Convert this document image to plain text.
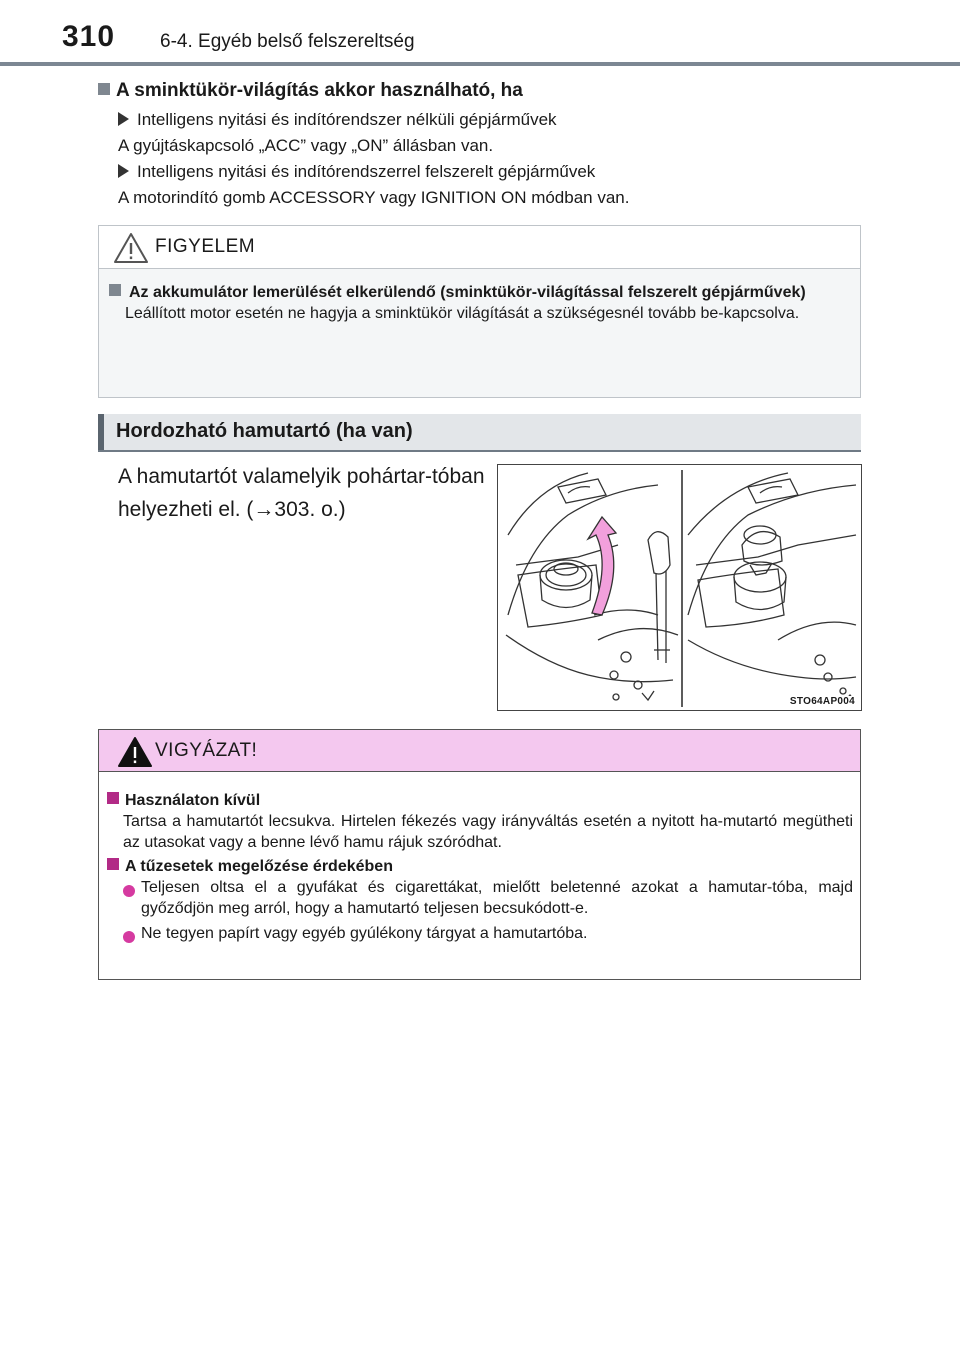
310 6-4. Egyéb belső felszereltség
A sminktükör-világítás akkor használható, ha
Intelligens nyitási és indítórendszer nélküli gépjárművek
A gyújtáskapcsoló „ACC” vagy „ON” állásban van.
Intelligens nyitási és indítórendszerrel felszerelt gépjárművek
A motorindító gomb ACCESSORY vagy IGNITION ON módban van.
FIGYELEM
Az akkumulátor lemerülését elkerülendő (sminktükör-világítással felszerelt gépjárművek)
Leállított motor esetén ne hagyja a sminktükör világítását a szükségesnél tovább be-kapcsolva.
Hordozható hamutartó (ha van)
A hamutartót valamelyik pohártar-tóban helyezheti el. (→303. o.)
STO64AP004
VIGYÁZAT!
Használaton kívül
Tartsa a hamutartót lecsukva. Hirtelen fékezés vagy irányváltás esetén a nyitott ha-mutartó megütheti az utasokat vagy a benne lévő hamu rájuk szóródhat.
A tűzesetek megelőzése érdekében
Teljesen oltsa el a gyufákat és cigarettákat, mielőtt beletenné azokat a hamutar-tóba, majd győződjön meg arról, hogy a hamutartó teljesen becsukódott-e.
Ne tegyen papírt vagy egyéb gyúlékony tárgyat a hamutartóba.
